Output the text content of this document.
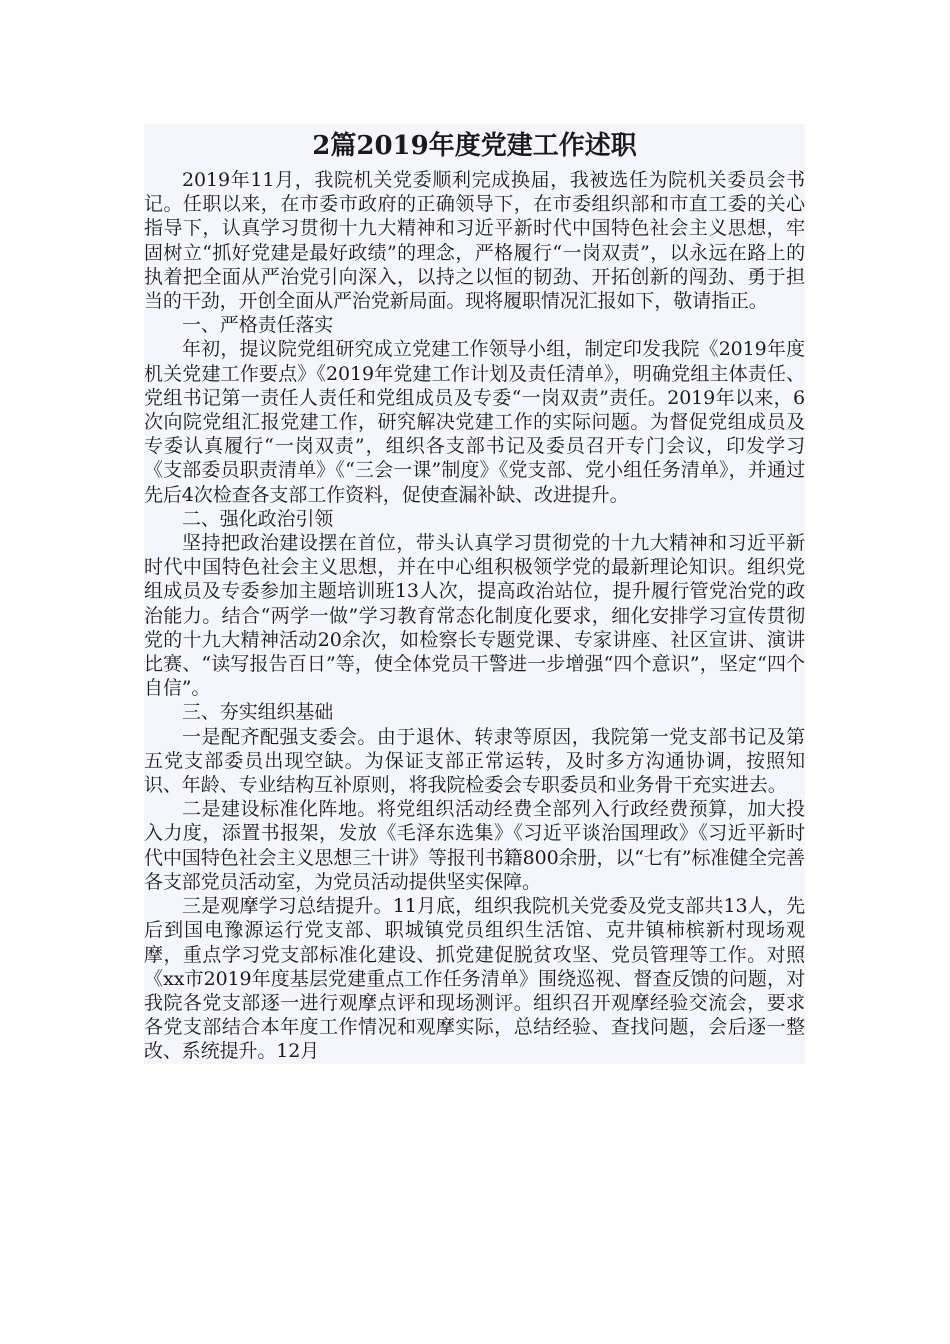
2篇2019年度党建工作述职

2019年11月，我院机关党委顺利完成换届，我被选任为院机关委员会书记。任职以来，在市委市政府的正确领导下，在市委组织部和市直工委的关心指导下，认真学习贯彻十九大精神和习近平新时代中国特色社会主义思想，牢固树立“抓好党建是最好政绩”的理念，严格履行“一岗双责”，以永远在路上的执着把全面从严治党引向深入，以持之以恒的韧劲、开拓创新的闯劲、勇于担当的干劲，开创全面从严治党新局面。现将履职情况汇报如下，敬请指正。

一、严格责任落实

年初，提议院党组研究成立党建工作领导小组，制定印发我院《2019年度机关党建工作要点》《2019年党建工作计划及责任清单》，明确党组主体责任、党组书记第一责任人责任和党组成员及专委“一岗双责”责任。2019年以来，6次向院党组汇报党建工作，研究解决党建工作的实际问题。为督促党组成员及专委认真履行“一岗双责”，组织各支部书记及委员召开专门会议，印发学习《支部委员职责清单》《“三会一课”制度》《党支部、党小组任务清单》，并通过先后4次检查各支部工作资料，促使查漏补缺、改进提升。

二、强化政治引领

坚持把政治建设摆在首位，带头认真学习贯彻党的十九大精神和习近平新时代中国特色社会主义思想，并在中心组积极领学党的最新理论知识。组织党组成员及专委参加主题培训班13人次，提高政治站位，提升履行管党治党的政治能力。结合“两学一做”学习教育常态化制度化要求，细化安排学习宣传贯彻党的十九大精神活动20余次，如检察长专题党课、专家讲座、社区宣讲、演讲比赛、“读写报告百日”等，使全体党员干警进一步增强“四个意识”，坚定“四个自信”。

三、夯实组织基础

一是配齐配强支委会。由于退休、转隶等原因，我院第一党支部书记及第五党支部委员出现空缺。为保证支部正常运转，及时多方沟通协调，按照知识、年龄、专业结构互补原则，将我院检委会专职委员和业务骨干充实进去。

二是建设标准化阵地。将党组织活动经费全部列入行政经费预算，加大投入力度，添置书报架，发放《毛泽东选集》《习近平谈治国理政》《习近平新时代中国特色社会主义思想三十讲》等报刊书籍800余册，以“七有”标准健全完善各支部党员活动室，为党员活动提供坚实保障。

三是观摩学习总结提升。11月底，组织我院机关党委及党支部共13人，先后到国电豫源运行党支部、职城镇党员组织生活馆、克井镇柿槟新村现场观摩，重点学习党支部标准化建设、抓党建促脱贫攻坚、党员管理等工作。对照《xx市2019年度基层党建重点工作任务清单》围绕巡视、督查反馈的问题，对我院各党支部逐一进行观摩点评和现场测评。组织召开观摩经验交流会，要求各党支部结合本年度工作情况和观摩实际，总结经验、查找问题，会后逐一整改、系统提升。12月
